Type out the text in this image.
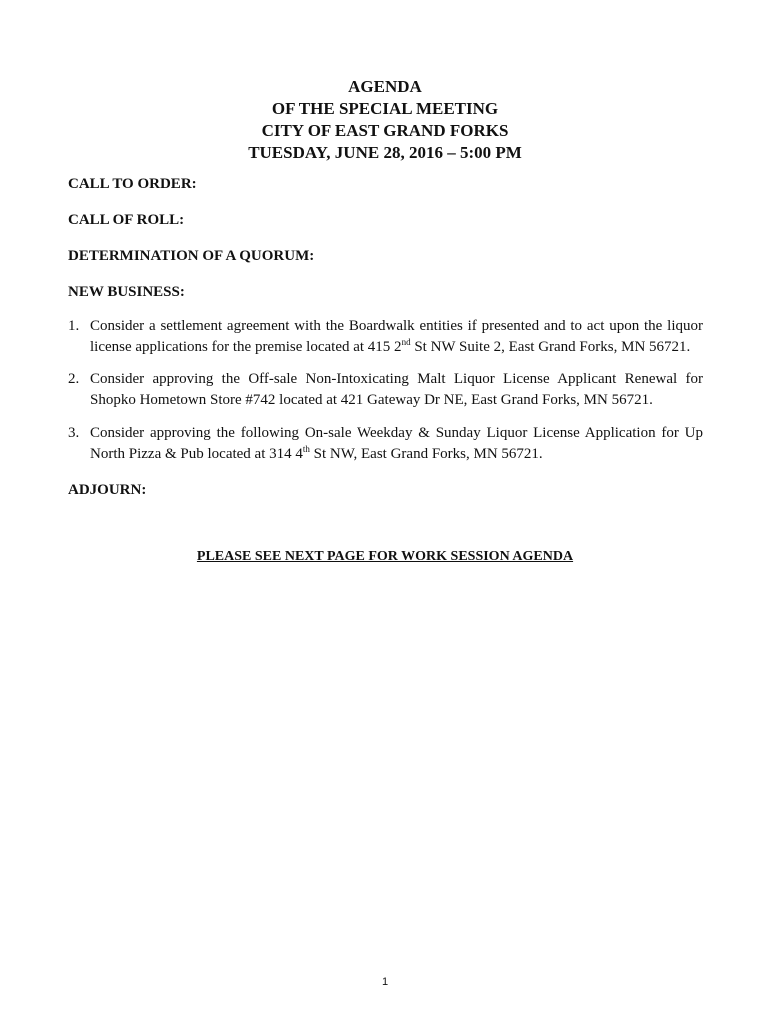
AGENDA
OF THE SPECIAL MEETING
CITY OF EAST GRAND FORKS
TUESDAY, JUNE 28, 2016 – 5:00 PM
CALL TO ORDER:
CALL OF ROLL:
DETERMINATION OF A QUORUM:
NEW BUSINESS:
1. Consider a settlement agreement with the Boardwalk entities if presented and to act upon the liquor license applications for the premise located at 415 2nd St NW Suite 2, East Grand Forks, MN 56721.
2. Consider approving the Off-sale Non-Intoxicating Malt Liquor License Applicant Renewal for Shopko Hometown Store #742 located at 421 Gateway Dr NE, East Grand Forks, MN 56721.
3. Consider approving the following On-sale Weekday & Sunday Liquor License Application for Up North Pizza & Pub located at 314 4th St NW, East Grand Forks, MN 56721.
ADJOURN:
PLEASE SEE NEXT PAGE FOR WORK SESSION AGENDA
1
